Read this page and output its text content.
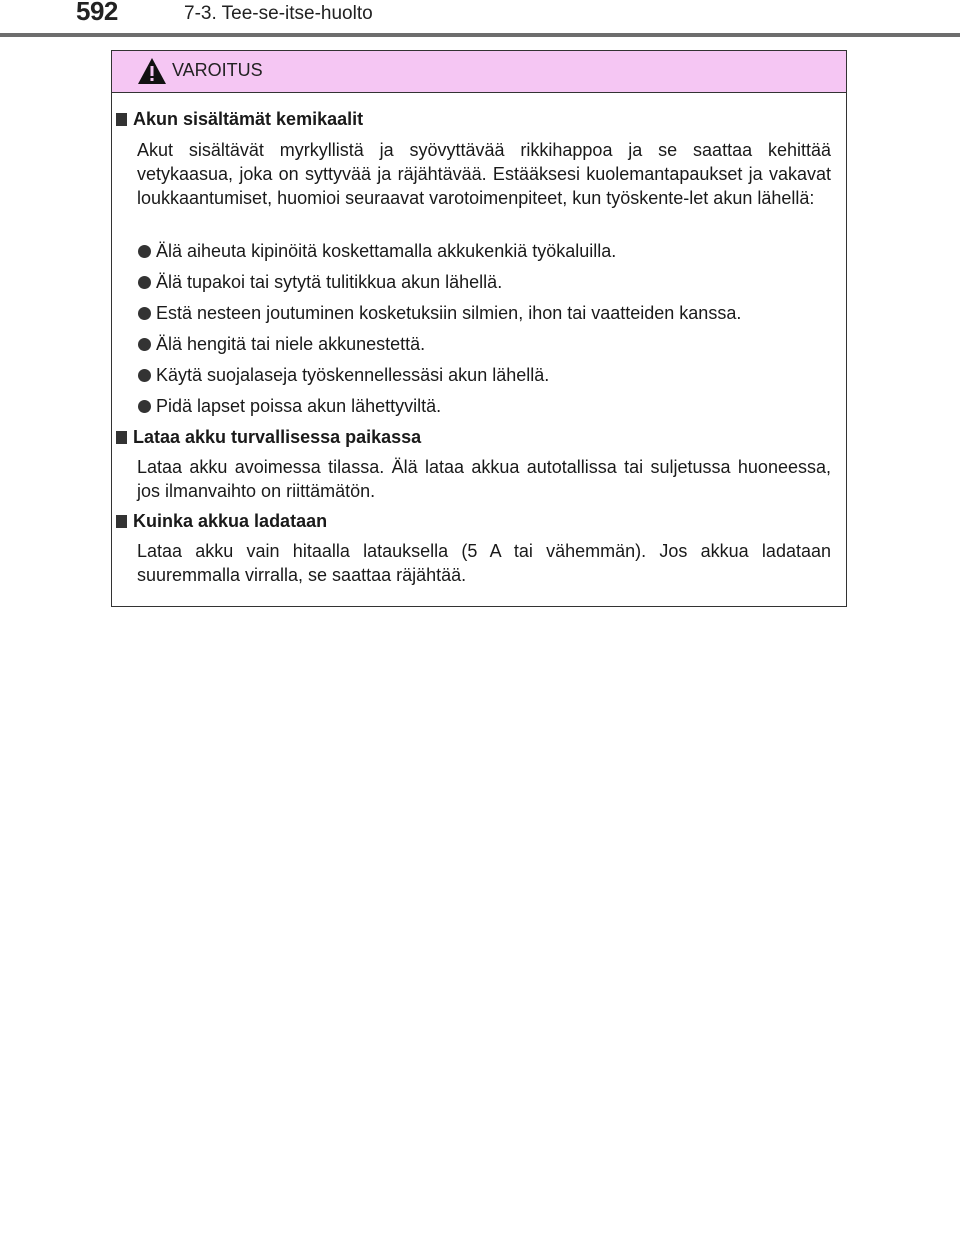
592	7-3. Tee-se-itse-huolto
VAROITUS
Akun sisältämät kemikaalit
Akut sisältävät myrkyllistä ja syövyttävää rikkihappoa ja se saattaa kehittää vetykaasua, joka on syttyvää ja räjähtävää. Estääksesi kuolemantapaukset ja vakavat loukkaantumiset, huomioi seuraavat varotoimenpiteet, kun työskente-let akun lähellä:
Älä aiheuta kipinöitä koskettamalla akkukenkiä työkaluilla.
Älä tupakoi tai sytytä tulitikkua akun lähellä.
Estä nesteen joutuminen kosketuksiin silmien, ihon tai vaatteiden kanssa.
Älä hengitä tai niele akkunestettä.
Käytä suojalaseja työskennellessäsi akun lähellä.
Pidä lapset poissa akun lähettyviltä.
Lataa akku turvallisessa paikassa
Lataa akku avoimessa tilassa. Älä lataa akkua autotallissa tai suljetussa huoneessa, jos ilmanvaihto on riittämätön.
Kuinka akkua ladataan
Lataa akku vain hitaalla latauksella (5 A tai vähemmän). Jos akkua ladataan suuremmalla virralla, se saattaa räjähtää.
